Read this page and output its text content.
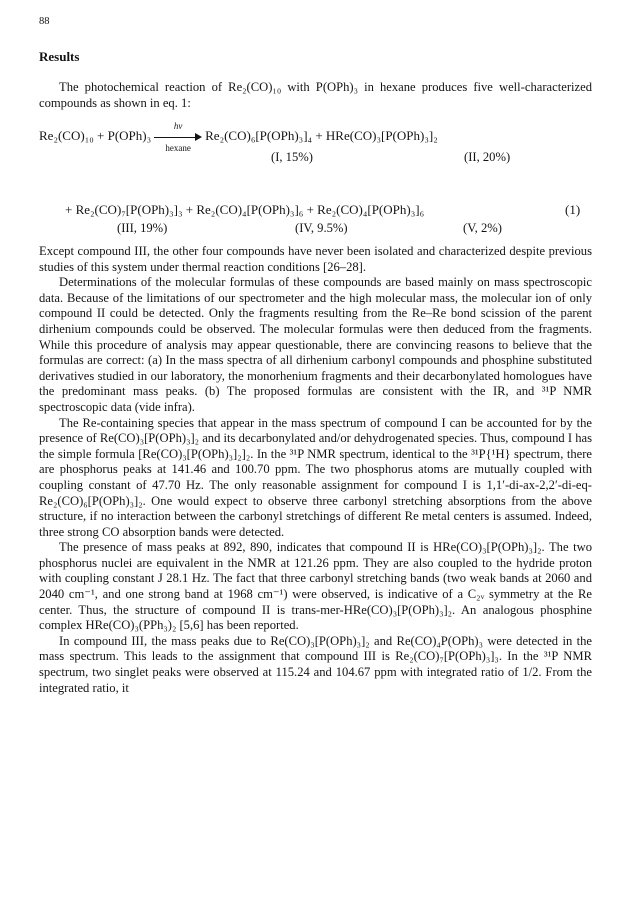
88
Results

The photochemical reaction of Re₂(CO)₁₀ with P(OPh)₃ in hexane produces five well-characterized compounds as shown in eq. 1:

Re₂(CO)₁₀ + P(OPh)₃
hν
hexane
Re₂(CO)₆[P(OPh)₃]₄ + HRe(CO)₃[P(OPh)₃]₂
(I, 15%)	(II, 20%)
+ Re₂(CO)₇[P(OPh)₃]₃ + Re₂(CO)₄[P(OPh)₃]₆ + Re₂(CO)₄[P(OPh)₃]₆	(1)
(III, 19%)	(IV, 9.5%)	(V, 2%)

Except compound III, the other four compounds have never been isolated and characterized despite previous studies of this system under thermal reaction conditions [26–28].

Determinations of the molecular formulas of these compounds are based mainly on mass spectroscopic data. Because of the limitations of our spectrometer and the high molecular mass, the molecular ion of only compound II could be detected. Only the fragments resulting from the Re–Re bond scission of the parent dirhenium compounds could be observed. The molecular formulas were then deduced from the fragments. While this procedure of analysis may appear questionable, there are convincing reasons to believe that the formulas are correct: (a) In the mass spectra of all dirhenium carbonyl compounds and phosphine substituted derivatives studied in our laboratory, the monorhenium fragments and their decarbonylated homologues have the predominant mass peaks. (b) The proposed formulas are consistent with the IR, and ³¹P NMR spectroscopic data (vide infra).

The Re-containing species that appear in the mass spectrum of compound I can be accounted for by the presence of Re(CO)₃[P(OPh)₃]₂ and its decarbonylated and/or dehydrogenated species. Thus, compound I has the simple formula [Re(CO)₃[P(OPh)₃]₂]₂. In the ³¹P NMR spectrum, identical to the ³¹P{¹H} spectrum, there are phosphorus peaks at 141.46 and 100.70 ppm. The two phosphorus atoms are mutually coupled with coupling constant of 47.70 Hz. The only reasonable assignment for compound I is 1,1′-di-ax-2,2′-di-eq-Re₂(CO)₆[P(OPh)₃]₂. One would expect to observe three carbonyl stretching absorptions from the above structure, if no interaction between the carbonyl stretchings of different Re metal centers is assumed. Indeed, three strong CO absorption bands were detected.

The presence of mass peaks at 892, 890, indicates that compound II is HRe(CO)₃[P(OPh)₃]₂. The two phosphorus nuclei are equivalent in the NMR at 121.26 ppm. They are also coupled to the hydride proton with coupling constant J 28.1 Hz. The fact that three carbonyl stretching bands (two weak bands at 2060 and 2040 cm⁻¹, and one strong band at 1968 cm⁻¹) were observed, is indicative of a C₂ᵥ symmetry at the Re center. Thus, the structure of compound II is trans-mer-HRe(CO)₃[P(OPh)₃]₂. An analogous phosphine complex HRe(CO)₃(PPh₃)₂ [5,6] has been reported.

In compound III, the mass peaks due to Re(CO)₃[P(OPh)₃]₂ and Re(CO)₄P(OPh)₃ were detected in the mass spectrum. This leads to the assignment that compound III is Re₂(CO)₇[P(OPh)₃]₃. In the ³¹P NMR spectrum, two singlet peaks were observed at 115.24 and 104.67 ppm with integrated ratio of 1/2. From the integrated ratio, it
